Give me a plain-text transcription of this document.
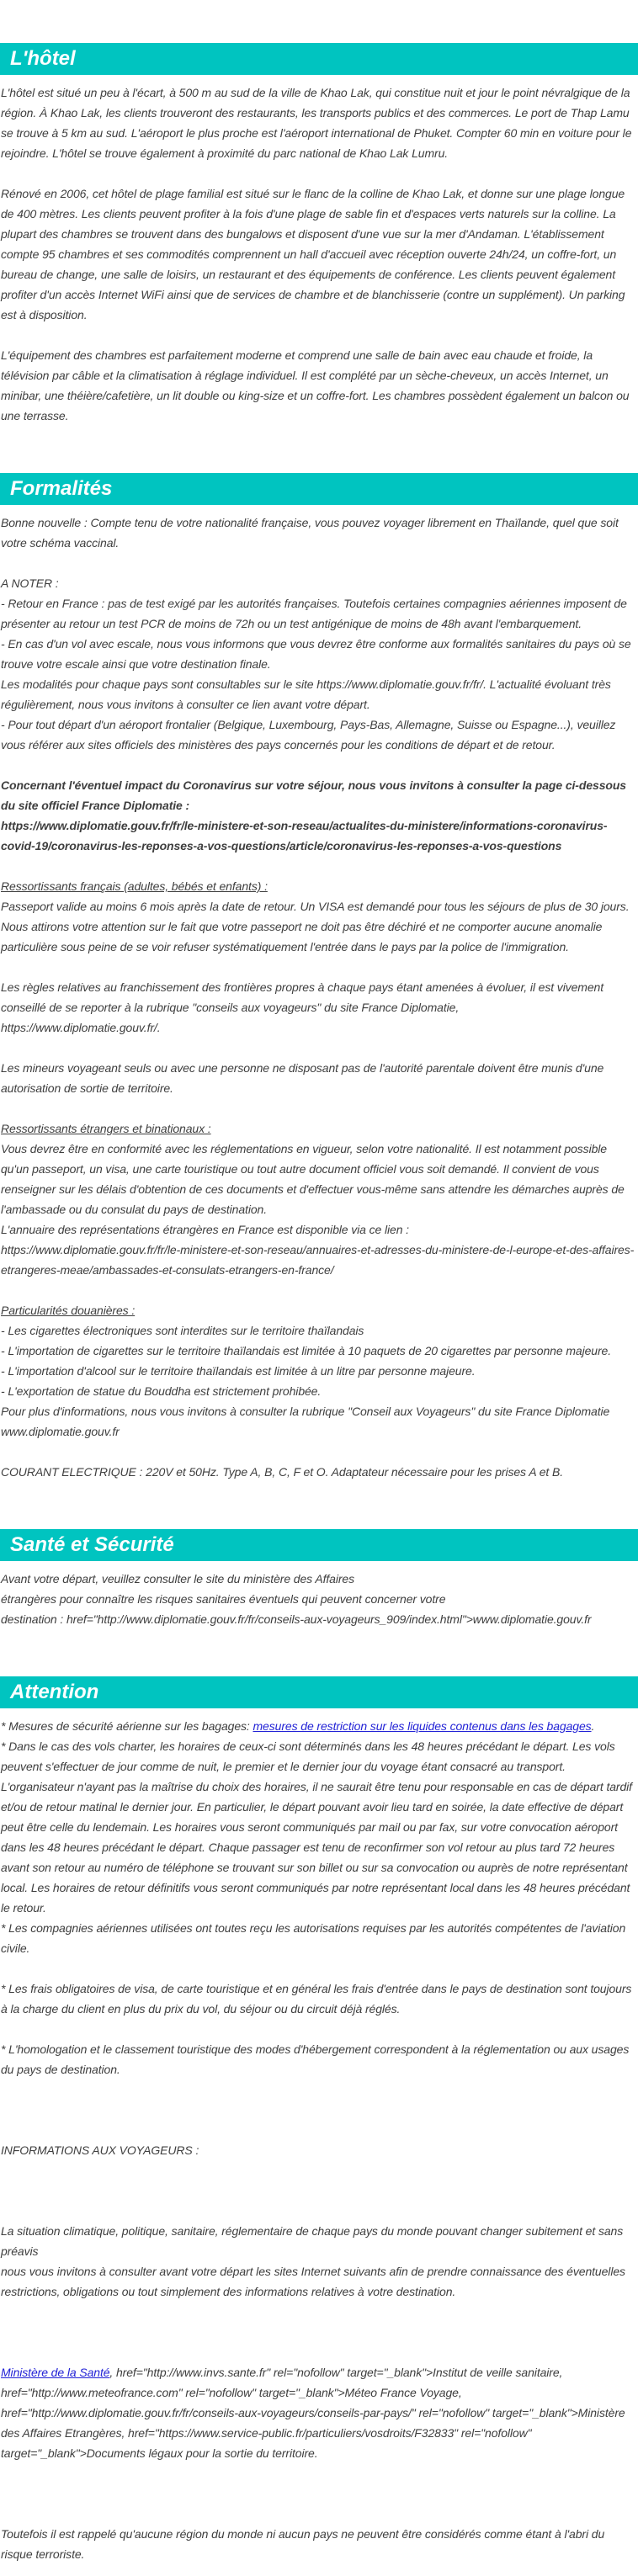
L'hôtel

L'hôtel est situé un peu à l'écart, à 500 m au sud de la ville de Khao Lak, qui constitue nuit et jour le point névralgique de la région. À Khao Lak, les clients trouveront des restaurants, les transports publics et des commerces. Le port de Thap Lamu se trouve à 5 km au sud. L'aéroport le plus proche est l'aéroport international de Phuket. Compter 60 min en voiture pour le rejoindre. L'hôtel se trouve également à proximité du parc national de Khao Lak Lumru.

Rénové en 2006, cet hôtel de plage familial est situé sur le flanc de la colline de Khao Lak, et donne sur une plage longue de 400 mètres. Les clients peuvent profiter à la fois d'une plage de sable fin et d'espaces verts naturels sur la colline. La plupart des chambres se trouvent dans des bungalows et disposent d'une vue sur la mer d'Andaman. L'établissement compte 95 chambres et ses commodités comprennent un hall d'accueil avec réception ouverte 24h/24, un coffre-fort, un bureau de change, une salle de loisirs, un restaurant et des équipements de conférence. Les clients peuvent également profiter d'un accès Internet WiFi ainsi que de services de chambre et de blanchisserie (contre un supplément). Un parking est à disposition.

L'équipement des chambres est parfaitement moderne et comprend une salle de bain avec eau chaude et froide, la télévision par câble et la climatisation à réglage individuel. Il est complété par un sèche-cheveux, un accès Internet, un minibar, une théière/cafetière, un lit double ou king-size et un coffre-fort. Les chambres possèdent également un balcon ou une terrasse.

Formalités

Bonne nouvelle : Compte tenu de votre nationalité française, vous pouvez voyager librement en Thaïlande, quel que soit votre schéma vaccinal.

A NOTER :
- Retour en France : pas de test exigé par les autorités françaises. Toutefois certaines compagnies aériennes imposent de présenter au retour un test PCR de moins de 72h ou un test antigénique de moins de 48h avant l'embarquement.
- En cas d'un vol avec escale, nous vous informons que vous devrez être conforme aux formalités sanitaires du pays où se trouve votre escale ainsi que votre destination finale.
Les modalités pour chaque pays sont consultables sur le site https://www.diplomatie.gouv.fr/fr/. L'actualité évoluant très régulièrement, nous vous invitons à consulter ce lien avant votre départ.
- Pour tout départ d'un aéroport frontalier (Belgique, Luxembourg, Pays-Bas, Allemagne, Suisse ou Espagne...), veuillez vous référer aux sites officiels des ministères des pays concernés pour les conditions de départ et de retour.

Concernant l'éventuel impact du Coronavirus sur votre séjour, nous vous invitons à consulter la page ci-dessous du site officiel France Diplomatie :
https://www.diplomatie.gouv.fr/fr/le-ministere-et-son-reseau/actualites-du-ministere/informations-coronavirus-covid-19/coronavirus-les-reponses-a-vos-questions/article/coronavirus-les-reponses-a-vos-questions

Ressortissants français (adultes, bébés et enfants) :
Passeport valide au moins 6 mois après la date de retour. Un VISA est demandé pour tous les séjours de plus de 30 jours. Nous attirons votre attention sur le fait que votre passeport ne doit pas être déchiré et ne comporter aucune anomalie particulière sous peine de se voir refuser systématiquement l'entrée dans le pays par la police de l'immigration.

Les règles relatives au franchissement des frontières propres à chaque pays étant amenées à évoluer, il est vivement conseillé de se reporter à la rubrique "conseils aux voyageurs" du site France Diplomatie,
https://www.diplomatie.gouv.fr/.

Les mineurs voyageant seuls ou avec une personne ne disposant pas de l'autorité parentale doivent être munis d'une autorisation de sortie de territoire.

Ressortissants étrangers et binationaux :
Vous devrez être en conformité avec les réglementations en vigueur, selon votre nationalité. Il est notamment possible qu'un passeport, un visa, une carte touristique ou tout autre document officiel vous soit demandé. Il convient de vous renseigner sur les délais d'obtention de ces documents et d'effectuer vous-même sans attendre les démarches auprès de l'ambassade ou du consulat du pays de destination.
L'annuaire des représentations étrangères en France est disponible via ce lien :
https://www.diplomatie.gouv.fr/fr/le-ministere-et-son-reseau/annuaires-et-adresses-du-ministere-de-l-europe-et-des-affaires-etrangeres-meae/ambassades-et-consulats-etrangers-en-france/

Particularités douanières :
- Les cigarettes électroniques sont interdites sur le territoire thaïlandais
- L'importation de cigarettes sur le territoire thaïlandais est limitée à 10 paquets de 20 cigarettes par personne majeure.
- L'importation d'alcool sur le territoire thaïlandais est limitée à un litre par personne majeure.
- L'exportation de statue du Bouddha est strictement prohibée.
Pour plus d'informations, nous vous invitons à consulter la rubrique "Conseil aux Voyageurs" du site France Diplomatie www.diplomatie.gouv.fr

COURANT ELECTRIQUE : 220V et 50Hz. Type A, B, C, F et O. Adaptateur nécessaire pour les prises A et B.

Santé et Sécurité

Avant votre départ, veuillez consulter le site du ministère des Affaires
étrangères pour connaître les risques sanitaires éventuels qui peuvent concerner votre
destination : href="http://www.diplomatie.gouv.fr/fr/conseils-aux-voyageurs_909/index.html">www.diplomatie.gouv.fr

Attention

* Mesures de sécurité aérienne sur les bagages: mesures de restriction sur les liquides contenus dans les bagages.
* Dans le cas des vols charter, les horaires de ceux-ci sont déterminés dans les 48 heures précédant le départ. Les vols peuvent s'effectuer de jour comme de nuit, le premier et le dernier jour du voyage étant consacré au transport. L'organisateur n'ayant pas la maîtrise du choix des horaires, il ne saurait être tenu pour responsable en cas de départ tardif et/ou de retour matinal le dernier jour. En particulier, le départ pouvant avoir lieu tard en soirée, la date effective de départ peut être celle du lendemain. Les horaires vous seront communiqués par mail ou par fax, sur votre convocation aéroport dans les 48 heures précédant le départ. Chaque passager est tenu de reconfirmer son vol retour au plus tard 72 heures avant son retour au numéro de téléphone se trouvant sur son billet ou sur sa convocation ou auprès de notre représentant local. Les horaires de retour définitifs vous seront communiqués par notre représentant local dans les 48 heures précédant le retour.
* Les compagnies aériennes utilisées ont toutes reçu les autorisations requises par les autorités compétentes de l'aviation civile.

* Les frais obligatoires de visa, de carte touristique et en général les frais d'entrée dans le pays de destination sont toujours à la charge du client en plus du prix du vol, du séjour ou du circuit déjà réglés.

* L'homologation et le classement touristique des modes d'hébergement correspondent à la réglementation ou aux usages du pays de destination.

INFORMATIONS AUX VOYAGEURS :

La situation climatique, politique, sanitaire, réglementaire de chaque pays du monde pouvant changer subitement et sans préavis
nous vous invitons à consulter avant votre départ les sites Internet suivants afin de prendre connaissance des éventuelles restrictions, obligations ou tout simplement des informations relatives à votre destination.

Ministère de la Santé, href="http://www.invs.sante.fr" rel="nofollow" target="_blank">Institut de veille sanitaire, href="http://www.meteofrance.com" rel="nofollow" target="_blank">Méteo France Voyage, href="http://www.diplomatie.gouv.fr/fr/conseils-aux-voyageurs/conseils-par-pays/" rel="nofollow" target="_blank">Ministère des Affaires Etrangères, href="https://www.service-public.fr/particuliers/vosdroits/F32833" rel="nofollow" target="_blank">Documents légaux pour la sortie du territoire.

Toutefois il est rappelé qu'aucune région du monde ni aucun pays ne peuvent être considérés comme étant à l'abri du risque terroriste.
